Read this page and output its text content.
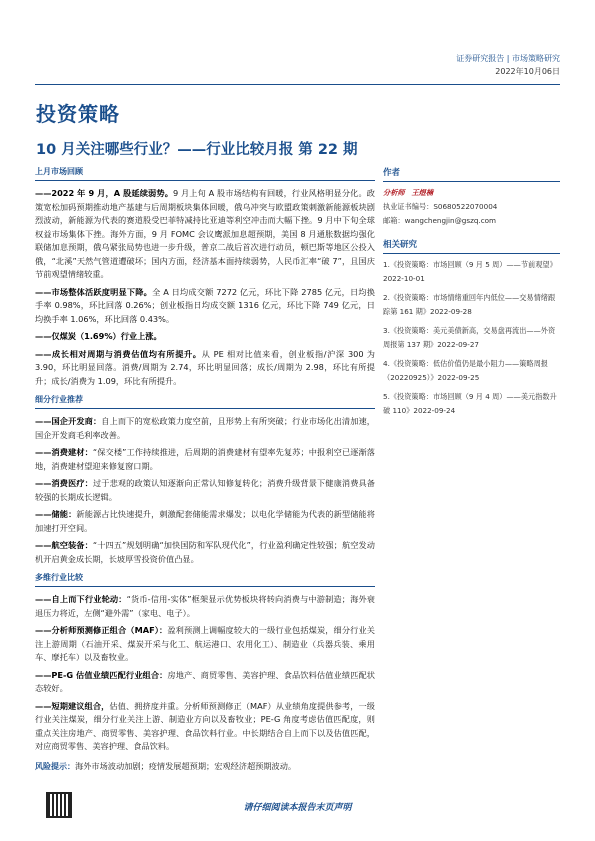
证券研究报告 | 市场策略研究
2022年10月06日
投资策略
10 月关注哪些行业？——行业比较月报 第 22 期
上月市场回顾
——2022 年 9 月，A 股延续弱势。9 月上旬 A 股市场结构有回暖，行业风格明显分化。政策宽松加码预期推动地产基建与后周期板块集体回暖，俄乌冲突与欧盟政策刺激新能源板块剧烈波动，新能源为代表的赛道股受巴菲特减持比亚迪等利空冲击而大幅下挫。9 月中下旬全球权益市场集体下挫。海外方面，9 月 FOMC 会议鹰派加息超预期，美国 8 月通胀数据均强化联储加息预期，俄乌紧张局势也进一步升级，普京二战后首次进行动员，顿巴斯等地区公投入俄，“北溪”天然气管道遭破坏；国内方面，经济基本面持续弱势，人民币汇率“破 7”，且国庆节前观望情绪较重。
——市场整体活跃度明显下降。全 A 日均成交额 7272 亿元，环比下降 2785 亿元，日均换手率 0.98%，环比回落 0.26%；创业板指日均成交额 1316 亿元，环比下降 749 亿元，日均换手率 1.06%，环比回落 0.43%。
——仅煤炭（1.69%）行业上涨。
——成长相对周期与消费估值均有所提升。从 PE 相对比值来看，创业板指/沪深 300 为 3.90，环比明显回落。消费/周期为 2.74，环比明显回落；成长/周期为 2.98，环比有所提升；成长/消费为 1.09，环比有所提升。
细分行业推荐
——国企开发商：自上而下的宽松政策力度空前，且形势上有所突破；行业市场化出清加速，国企开发商毛利率改善。
——消费建材：“保交楼”工作持续推进，后周期的消费建材有望率先复苏；中报利空已逐渐落地，消费建材望迎来修复窗口期。
——消费医疗：过于悲观的政策认知逐渐向正常认知修复转化；消费升级背景下健康消费具备较强的长期成长逻辑。
——储能：新能源占比快速提升，刺激配套储能需求爆发；以电化学储能为代表的新型储能将加速打开空间。
——航空装备：“十四五”规划明确“加快国防和军队现代化”，行业盈利确定性较强；航空发动机开启黄金成长期，长坡厚雪投资价值凸显。
多维行业比较
——自上而下行业轮动：“货币-信用-实体”框架显示优势板块将转向消费与中游制造；海外衰退压力将近，左侧“避外需”（家电、电子）。
——分析师预测修正组合（MAF）：盈利预测上调幅度较大的一级行业包括煤炭，细分行业关注上游周期（石油开采、煤炭开采与化工、航运港口、农用化工）、制造业（兵器兵装、乘用车、摩托车）以及畜牧业。
——PE-G 估值业绩匹配行业组合：房地产、商贸零售、美容护理、食品饮料估值业绩匹配状态较好。
——短期建议组合，估值、拥挤度并重。分析师预测修正（MAF）从业绩角度提供参考，一级行业关注煤炭，细分行业关注上游、制造业方向以及畜牧业；PE-G 角度考虑估值匹配度，则重点关注房地产、商贸零售、美容护理、食品饮料行业。中长期结合自上而下以及估值匹配，对应商贸零售、美容护理、食品饮料。
风险提示：海外市场波动加剧；疫情发展超预期；宏观经济超预期波动。
作者
分析师 王煜楠
执业证书编号：S0680522070004
邮箱：wangchengjin@gszq.com
相关研究
1.《投资策略：市场回顾（9 月 5 周）——节前观望》2022-10-01
2.《投资策略：市场情绪重回年内低位——交易情绪跟踪第 161 期》2022-09-28
3.《投资策略：美元美债新高，交易盘再流出——外资周报第 137 期》2022-09-27
4.《投资策略：低估价值仍是最小阻力——策略周报（20220925）》2022-09-25
5.《投资策略：市场回顾（9 月 4 周）——美元指数升破 110》2022-09-24
请仔细阅读本报告末页声明
